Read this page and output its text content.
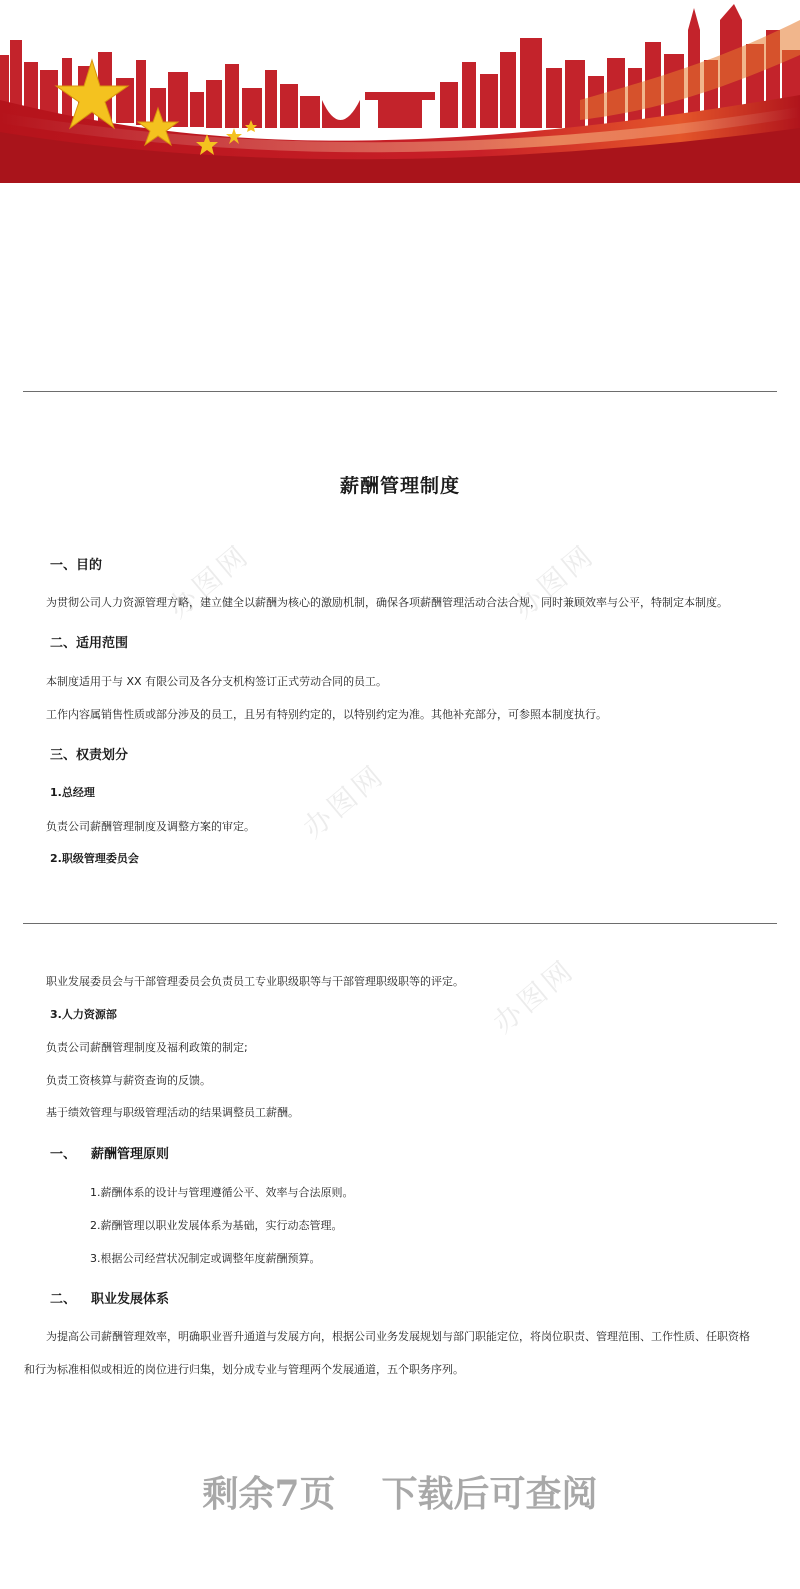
办图网	办图网
办图网
办图网
薪酬管理制度
一、目的
为贯彻公司人力资源管理方略，建立健全以薪酬为核心的激励机制，确保各项薪酬管理活动合法合规，同时兼顾效率与公平，特制定本制度。
二、适用范围
本制度适用于与 XX 有限公司及各分支机构签订正式劳动合同的员工。
工作内容属销售性质或部分涉及的员工，且另有特别约定的，以特别约定为准。其他补充部分，可参照本制度执行。
三、权责划分
1.总经理
负责公司薪酬管理制度及调整方案的审定。
2.职级管理委员会
职业发展委员会与干部管理委员会负责员工专业职级职等与干部管理职级职等的评定。
3.人力资源部
负责公司薪酬管理制度及福利政策的制定;
负责工资核算与薪资查询的反馈。
基于绩效管理与职级管理活动的结果调整员工薪酬。
一、 薪酬管理原则
1.薪酬体系的设计与管理遵循公平、效率与合法原则。
2.薪酬管理以职业发展体系为基础，实行动态管理。
3.根据公司经营状况制定或调整年度薪酬预算。
二、 职业发展体系
为提高公司薪酬管理效率，明确职业晋升通道与发展方向，根据公司业务发展规划与部门职能定位，将岗位职责、管理范围、工作性质、任职资格
和行为标准相似或相近的岗位进行归集，划分成专业与管理两个发展通道，五个职务序列。
剩余7页 下载后可查阅
